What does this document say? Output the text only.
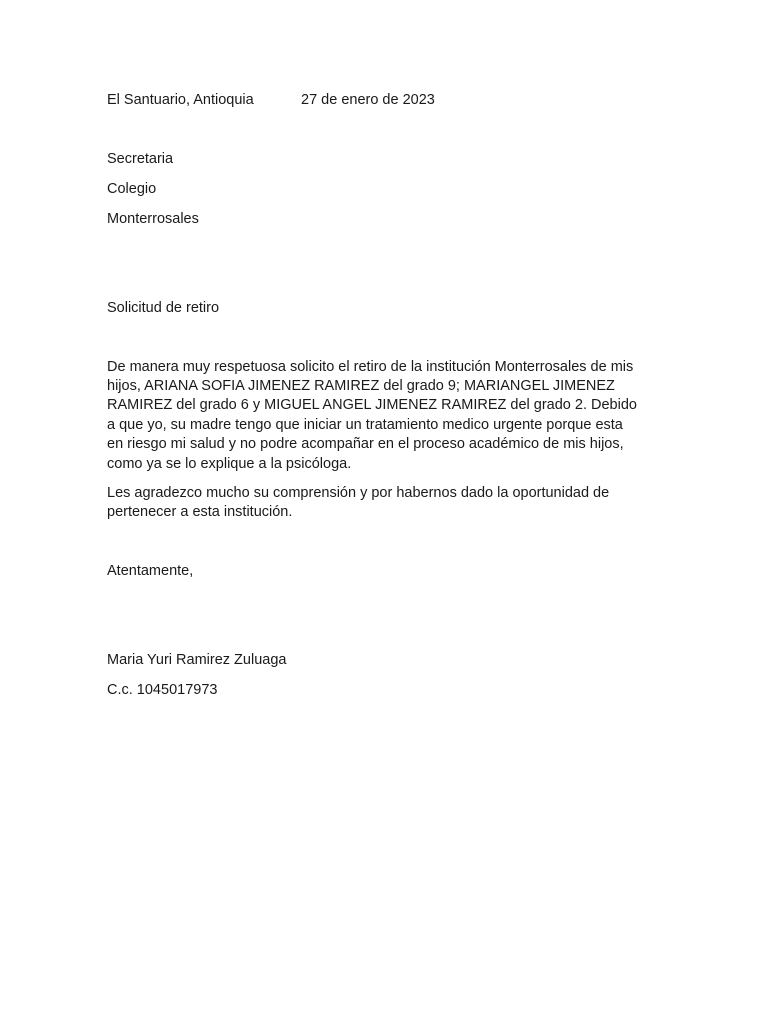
El Santuario, Antioquia	27 de enero de 2023
Secretaria
Colegio
Monterrosales
Solicitud de retiro
De manera muy respetuosa solicito el retiro de la institución Monterrosales de mis
hijos, ARIANA SOFIA JIMENEZ RAMIREZ del grado 9; MARIANGEL JIMENEZ
RAMIREZ del grado 6 y MIGUEL ANGEL JIMENEZ RAMIREZ del grado 2. Debido
a que yo, su madre tengo que iniciar un tratamiento medico urgente porque esta
en riesgo mi salud y no podre acompañar en el proceso académico de mis hijos,
como ya se lo explique a la psicóloga.
Les agradezco mucho su comprensión y por habernos dado la oportunidad de
pertenecer a esta institución.
Atentamente,
Maria Yuri Ramirez Zuluaga
C.c. 1045017973
